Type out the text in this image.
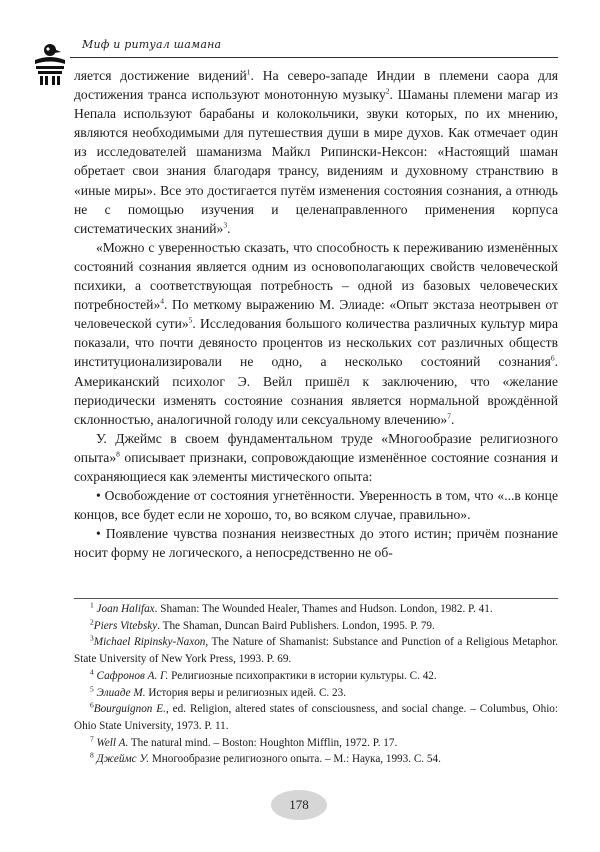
Миф и ритуал шамана

ляется достижение видений$^1$. На северо-западе Индии в племени саора для достижения транса используют монотонную музыку$^2$. Шаманы племени магар из Непала используют барабаны и колокольчики, звуки которых, по их мнению, являются необходимыми для путешествия души в мире духов. Как отмечает один из исследователей шаманизма Майкл Рипински-Нексон: «Настоящий шаман обретает свои знания благодаря трансу, видениям и духовному странствию в «иные миры». Все это достигается путём изменения состояния сознания, а отнюдь не с помощью изучения и целенаправленного применения корпуса систематических знаний»$^3$.

«Можно с уверенностью сказать, что способность к переживанию изменённых состояний сознания является одним из основополагающих свойств человеческой психики, а соответствующая потребность – одной из базовых человеческих потребностей»$^4$. По меткому выражению М. Элиаде: «Опыт экстаза неотрывен от человеческой сути»$^5$. Исследования большого количества различных культур мира показали, что почти девяносто процентов из нескольких сот различных обществ институционализировали не одно, а несколько состояний сознания$^6$. Американский психолог Э. Вейл пришёл к заключению, что «желание периодически изменять состояние сознания является нормальной врождённой склонностью, аналогичной голоду или сексуальному влечению»$^7$.

У. Джеймс в своем фундаментальном труде «Многообразие религиозного опыта»$^8$ описывает признаки, сопровождающие изменённое состояние сознания и сохраняющиеся как элементы мистического опыта:

• Освобождение от состояния угнетённости. Уверенность в том, что «...в конце концов, все будет если не хорошо, то, во всяком случае, правильно».

• Появление чувства познания неизвестных до этого истин; причём познание носит форму не логического, а непосредственно не об-

$^1$ Joan Halifax. Shaman: The Wounded Healer, Thames and Hudson. London, 1982. P. 41.

$^2$Piers Vitebsky. The Shaman, Duncan Baird Publishers. London, 1995. P. 79.

$^3$Michael Ripinsky-Naxon, The Nature of Shamanist: Substance and Punction of a Religious Metaphor. State University of New York Press, 1993. P. 69.

$^4$ Сафронов А. Г. Религиозные психопрактики в истории культуры. С. 42.

$^5$ Элиаде М. История веры и религиозных идей. С. 23.

$^6$Bourguignon E., ed. Religion, altered states of consciousness, and social change. – Columbus, Ohio: Ohio State University, 1973. P. 11.

$^7$ Well A. The natural mind. – Boston: Houghton Mifflin, 1972. P. 17.

$^8$ Джеймс У. Многообразие религиозного опыта. – М.: Наука, 1993. С. 54.

178
